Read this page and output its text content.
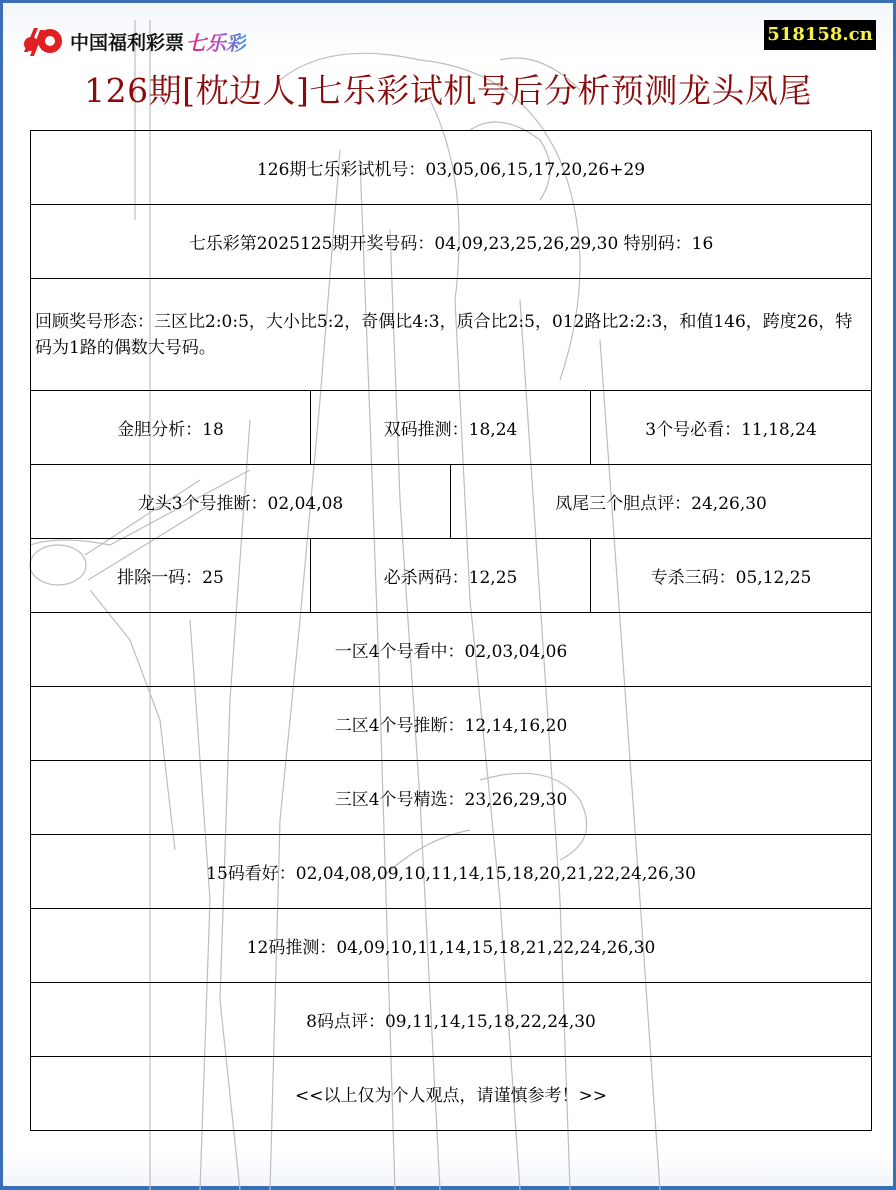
中国福利彩票 七乐彩	518158.cn
126期[枕边人]七乐彩试机号后分析预测龙头凤尾
126期七乐彩试机号：03,05,06,15,17,20,26+29			
七乐彩第2025125期开奖号码：04,09,23,25,26,29,30 特别码：16			
回顾奖号形态：三区比2:0:5，大小比5:2，奇偶比4:3，质合比2:5，012路比2:2:3，和值146，跨度26，特码为1路的偶数大号码。			
金胆分析：18	双码推测：18,24		3个号必看：11,18,24
龙头3个号推断：02,04,08		凤尾三个胆点评：24,26,30	
排除一码：25	必杀两码：12,25		专杀三码：05,12,25
一区4个号看中：02,03,04,06			
二区4个号推断：12,14,16,20			
三区4个号精选：23,26,29,30			
15码看好：02,04,08,09,10,11,14,15,18,20,21,22,24,26,30			
12码推测：04,09,10,11,14,15,18,21,22,24,26,30			
8码点评：09,11,14,15,18,22,24,30			
<<以上仅为个人观点，请谨慎参考！>>			
